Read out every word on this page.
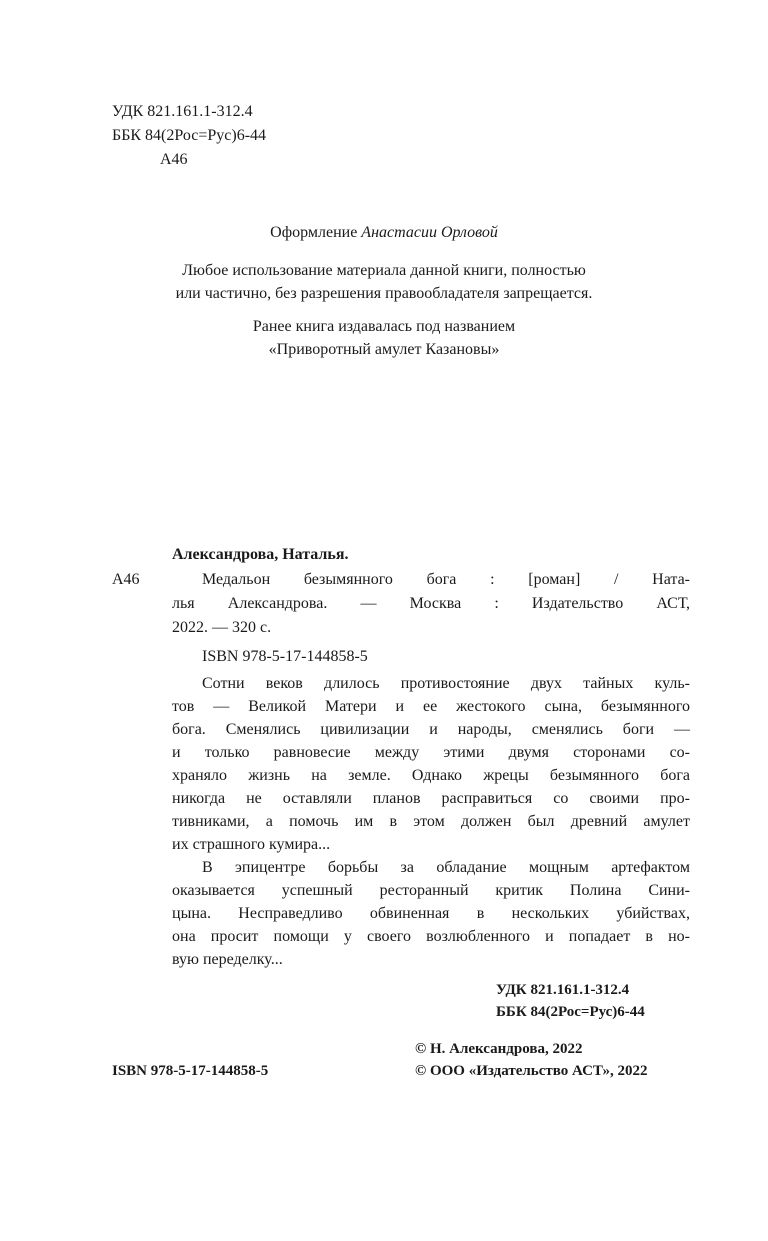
УДК 821.161.1-312.4
ББК 84(2Рос=Рус)6-44
А46
Оформление Анастасии Орловой
Любое использование материала данной книги, полностью
или частично, без разрешения правообладателя запрещается.
Ранее книга издавалась под названием
«Приворотный амулет Казановы»
Александрова, Наталья.
А46	Медальон безымянного бога : [роман] / Ната-
лья Александрова. — Москва : Издательство АСТ,
2022. — 320 с.
ISBN 978-5-17-144858-5
Сотни веков длилось противостояние двух тайных куль-
тов — Великой Матери и ее жестокого сына, безымянного
бога. Сменялись цивилизации и народы, сменялись боги —
и только равновесие между этими двумя сторонами со-
храняло жизнь на земле. Однако жрецы безымянного бога
никогда не оставляли планов расправиться со своими про-
тивниками, а помочь им в этом должен был древний амулет
их страшного кумира...
В эпицентре борьбы за обладание мощным артефактом
оказывается успешный ресторанный критик Полина Сини-
цына. Несправедливо обвиненная в нескольких убийствах,
она просит помощи у своего возлюбленного и попадает в но-
вую переделку...
УДК 821.161.1-312.4
ББК 84(2Рос=Рус)6-44
© Н. Александрова, 2022
ISBN 978-5-17-144858-5	© ООО «Издательство АСТ», 2022
